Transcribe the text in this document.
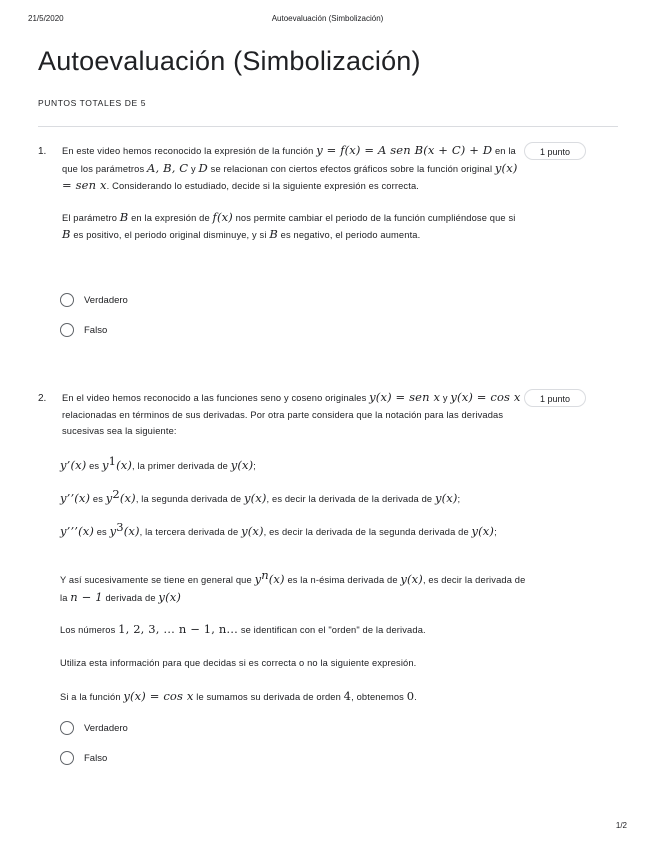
21/5/2020	Autoevaluación (Simbolización)
Autoevaluación (Simbolización)
PUNTOS TOTALES DE 5
1.	1 punto

En este video hemos reconocido la expresión de la función y = f(x) = A sen B(x + C) + D en la que los parámetros A, B, C y D se relacionan con ciertos efectos gráficos sobre la función original y(x) = sen x. Considerando lo estudiado, decide si la siguiente expresión es correcta.

El parámetro B en la expresión de f(x) nos permite cambiar el periodo de la función cumpliéndose que si B es positivo, el periodo original disminuye, y si B es negativo, el periodo aumenta.

Verdadero
Falso
2.	1 punto

En el video hemos reconocido a las funciones seno y coseno originales y(x) = sen x y y(x) = cos x relacionadas en términos de sus derivadas. Por otra parte considera que la notación para las derivadas sucesivas sea la siguiente:

y’(x) es $y^1(x)$, la primer derivada de y(x);
y’’(x) es $y^2(x)$, la segunda derivada de y(x), es decir la derivada de la derivada de y(x);
y’’’(x) es $y^3(x)$, la tercera derivada de y(x), es decir la derivada de la segunda derivada de y(x);
Y así sucesivamente se tiene en general que $y^n(x)$ es la n-ésima derivada de y(x), es decir la derivada de la n − 1 derivada de y(x)
Los números 1, 2, 3, … n − 1, n… se identifican con el "orden" de la derivada.
Utiliza esta información para que decidas si es correcta o no la siguiente expresión.
Si a la función y(x) = cos x le sumamos su derivada de orden 4, obtenemos 0.
Verdadero
Falso
1/2
